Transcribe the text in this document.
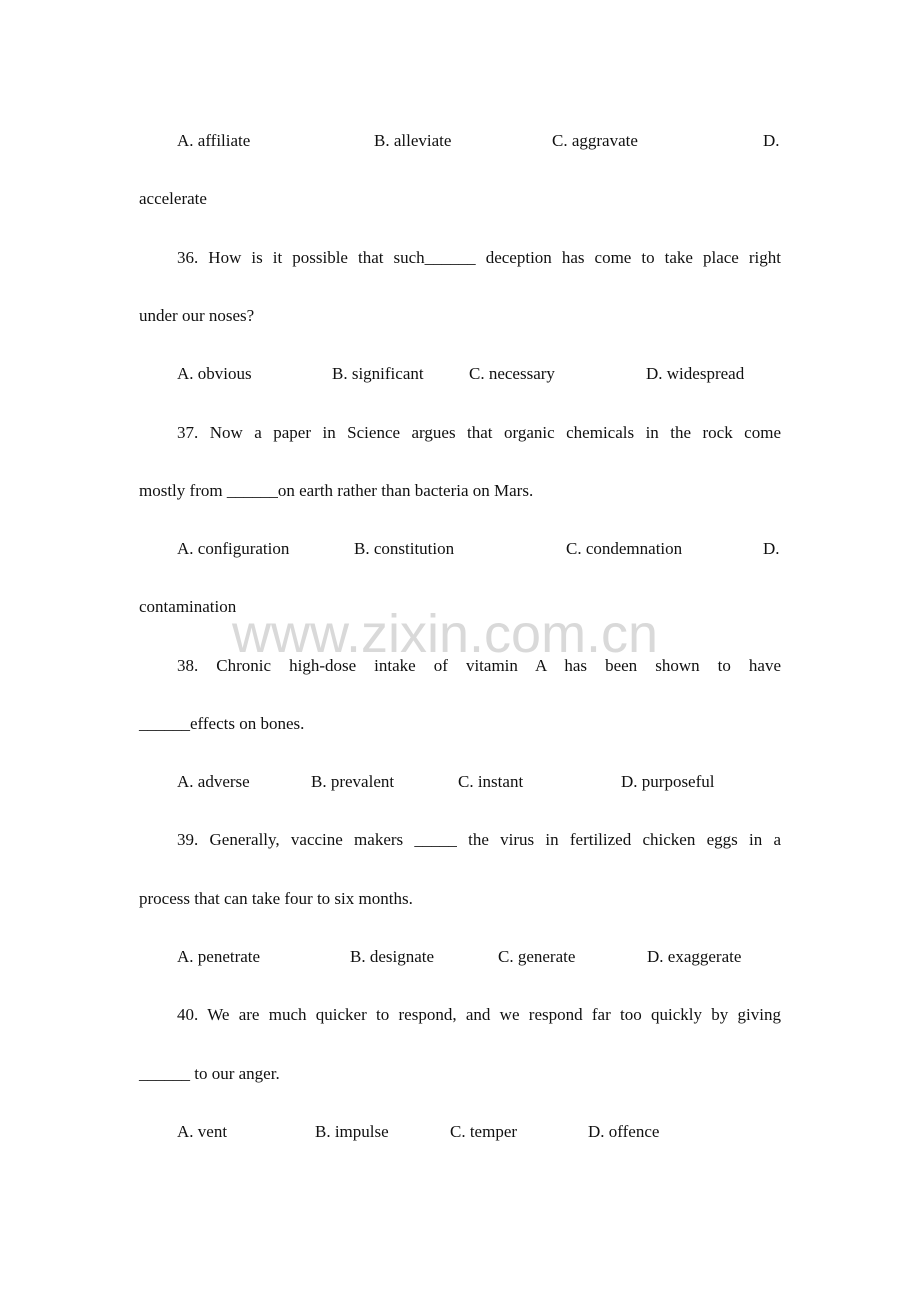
A. affiliate	B. alleviate	C. aggravate	D.
accelerate
36. How is it possible that such______ deception has come to take place right
under our noses?
A. obvious	B. significant	C. necessary	D. widespread
37. Now a paper in Science argues that organic chemicals in the rock come
mostly from ______on earth rather than bacteria on Mars.
A. configuration	B. constitution	C. condemnation	D.
contamination
www.zixin.com.cn
38. Chronic high-dose intake of vitamin A has been shown to have
______effects on bones.
A. adverse	B. prevalent	C. instant	D. purposeful
39. Generally, vaccine makers _____ the virus in fertilized chicken eggs in a
process that can take four to six months.
A. penetrate	B. designate	C. generate	D. exaggerate
40. We are much quicker to respond, and we respond far too quickly by giving
______ to our anger.
A. vent	B. impulse	C. temper	D. offence
